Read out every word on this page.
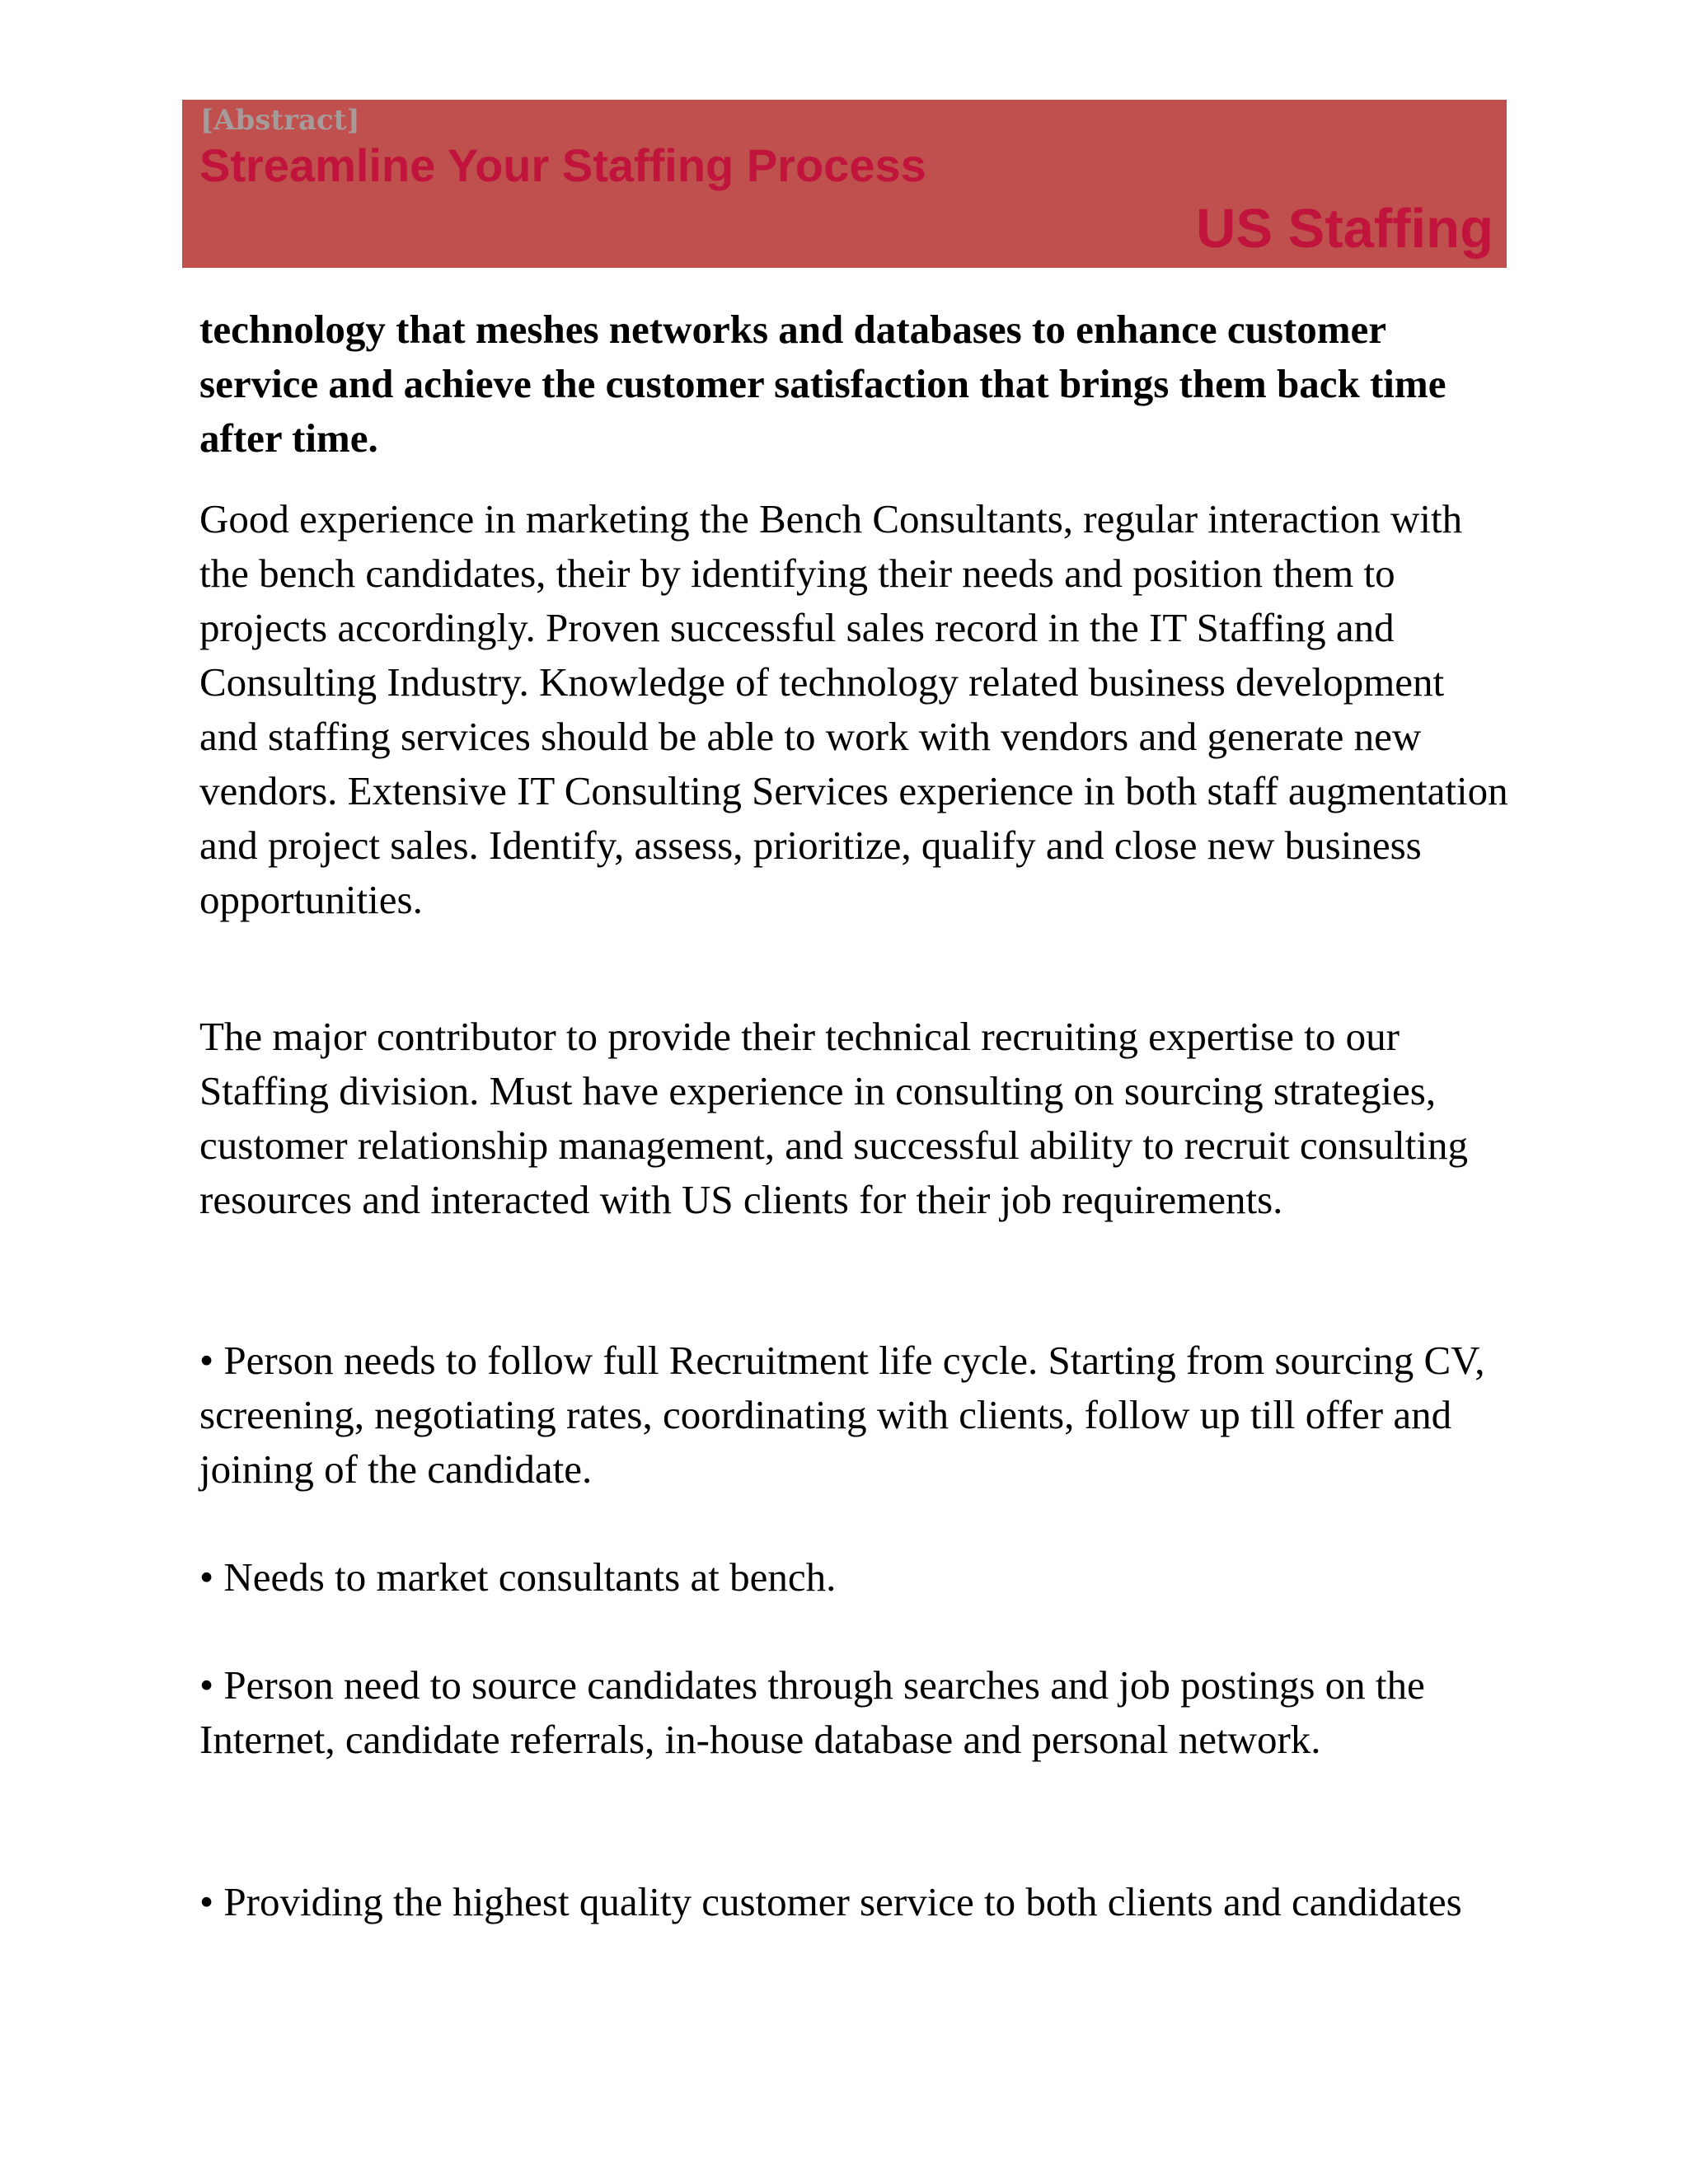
[Abstract]
Streamline Your Staffing Process
US Staffing

technology that meshes networks and databases to enhance customer service and achieve the customer satisfaction that brings them back time after time.

Good experience in marketing the Bench Consultants, regular interaction with the bench candidates, their by identifying their needs and position them to projects accordingly. Proven successful sales record in the IT Staffing and Consulting Industry. Knowledge of technology related business development and staffing services should be able to work with vendors and generate new vendors. Extensive IT Consulting Services experience in both staff augmentation and project sales. Identify, assess, prioritize, qualify and close new business opportunities.

The major contributor to provide their technical recruiting expertise to our Staffing division. Must have experience in consulting on sourcing strategies, customer relationship management, and successful ability to recruit consulting resources and interacted with US clients for their job requirements.

• Person needs to follow full Recruitment life cycle. Starting from sourcing CV, screening, negotiating rates, coordinating with clients, follow up till offer and joining of the candidate.

• Needs to market consultants at bench.

• Person need to source candidates through searches and job postings on the Internet, candidate referrals, in-house database and personal network.

• Providing the highest quality customer service to both clients and candidates
